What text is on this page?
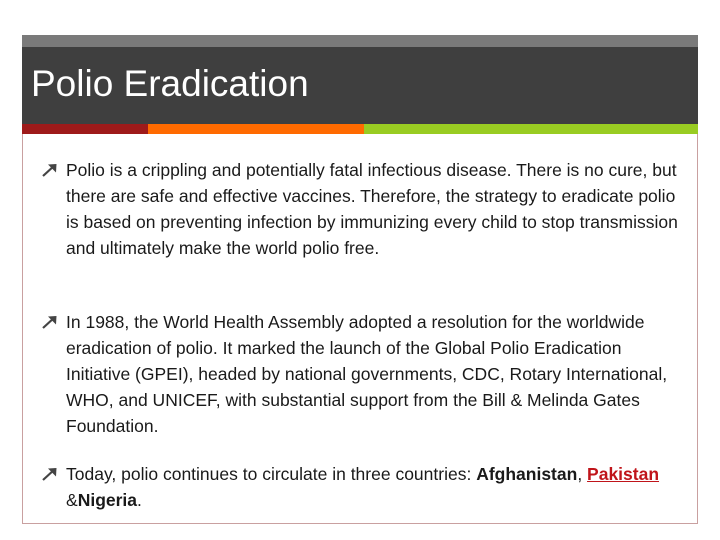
Polio Eradication
Polio is a crippling and potentially fatal infectious disease. There is no cure, but there are safe and effective vaccines. Therefore, the strategy to eradicate polio is based on preventing infection by immunizing every child to stop transmission and ultimately make the world polio free.
In 1988, the World Health Assembly adopted a resolution for the worldwide eradication of polio. It marked the launch of the Global Polio Eradication Initiative (GPEI), headed by national governments, CDC, Rotary International, WHO, and UNICEF, with substantial support from the Bill & Melinda Gates Foundation.
Today, polio continues to circulate in three countries: Afghanistan, Pakistan &Nigeria.
